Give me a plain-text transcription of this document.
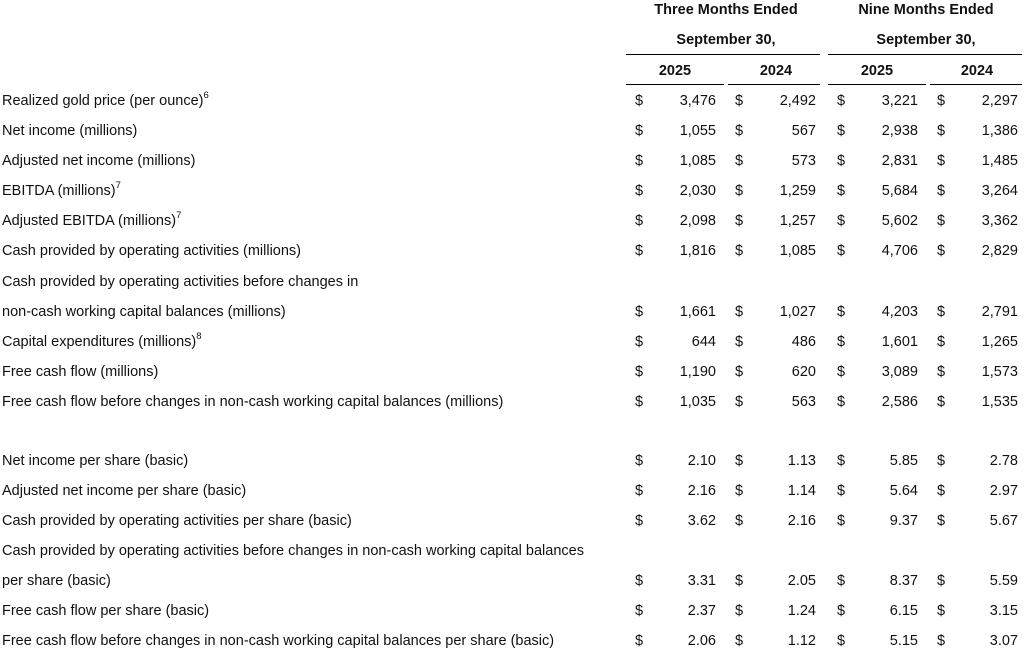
Three Months Ended
September 30,
Nine Months Ended
September 30,
2025	2024	2025	2024
Realized gold price (per ounce)$^6$	$	3,476 $	2,492 $	3,221 $	2,297
Net income (millions)	$	1,055 $	567 $	2,938 $	1,386
Adjusted net income (millions)	$	1,085 $	573 $	2,831 $	1,485
EBITDA (millions)$^7$	$	2,030 $	1,259 $	5,684 $	3,264
Adjusted EBITDA (millions)$^7$	$	2,098 $	1,257 $	5,602 $	3,362
Cash provided by operating activities (millions)	$	1,816 $	1,085 $	4,706 $	2,829
Cash provided by operating activities before changes in
non-cash working capital balances (millions)	$	1,661 $	1,027 $	4,203 $	2,791
Capital expenditures (millions)$^8$	$	644 $	486 $	1,601 $	1,265
Free cash flow (millions)	$	1,190 $	620 $	3,089 $	1,573
Free cash flow before changes in non-cash working capital balances (millions)	$	1,035 $	563 $	2,586 $	1,535
Net income per share (basic)	$	2.10 $	1.13 $	5.85 $	2.78
Adjusted net income per share (basic)	$	2.16 $	1.14 $	5.64 $	2.97
Cash provided by operating activities per share (basic)	$	3.62 $	2.16 $	9.37 $	5.67
Cash provided by operating activities before changes in non-cash working capital balances
per share (basic)	$	3.31 $	2.05 $	8.37 $	5.59
Free cash flow per share (basic)	$	2.37 $	1.24 $	6.15 $	3.15
Free cash flow before changes in non-cash working capital balances per share (basic)	$	2.06 $	1.12 $	5.15 $	3.07
